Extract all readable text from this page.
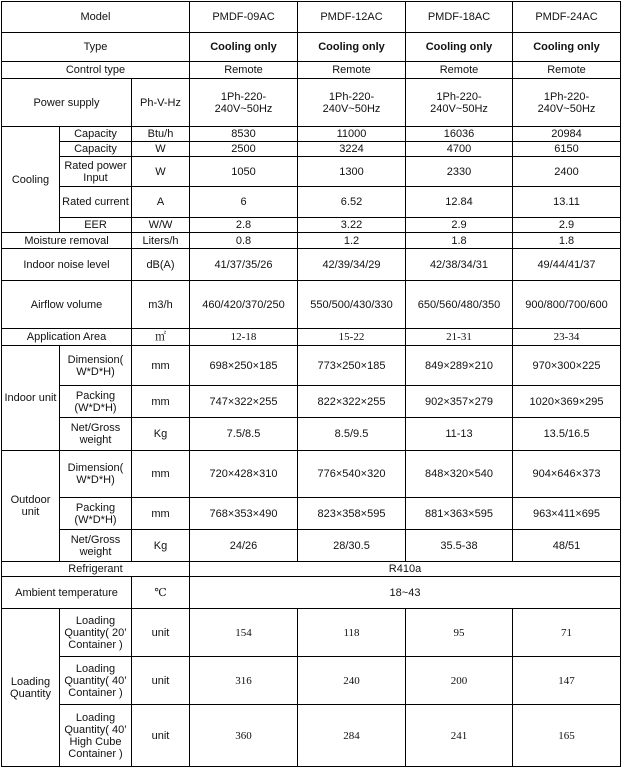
Model			PMDF-09AC	PMDF-12AC	PMDF-18AC	PMDF-24AC
Type			Cooling only	Cooling only	Cooling only	Cooling only
Control type			Remote	Remote	Remote	Remote
Power supply		Ph-V-Hz	1Ph-220-240V~50Hz	1Ph-220-240V~50Hz	1Ph-220-240V~50Hz	1Ph-220-240V~50Hz
Cooling	Capacity	Btu/h	8530	11000	16036	20984
	Capacity	W	2500	3224	4700	6150
	Rated power Input	W	1050	1300	2330	2400
	Rated current	A	6	6.52	12.84	13.11
	EER	W/W	2.8	3.22	2.9	2.9
Moisture removal		Liters/h	0.8	1.2	1.8	1.8
Indoor noise level		dB(A)	41/37/35/26	42/39/34/29	42/38/34/31	49/44/41/37
Airflow volume		m3/h	460/420/370/250	550/500/430/330	650/560/480/350	900/800/700/600
Application Area		㎡	12-18	15-22	21-31	23-34
Indoor unit	Dimension( W*D*H)	mm	698×250×185	773×250×185	849×289×210	970×300×225
	Packing (W*D*H)	mm	747×322×255	822×322×255	902×357×279	1020×369×295
	Net/Gross weight	Kg	7.5/8.5	8.5/9.5	11-13	13.5/16.5
Outdoor unit	Dimension( W*D*H)	mm	720×428×310	776×540×320	848×320×540	904×646×373
	Packing (W*D*H)	mm	768×353×490	823×358×595	881×363×595	963×411×695
	Net/Gross weight	Kg	24/26	28/30.5	35.5-38	48/51
Refrigerant			R410a			
Ambient temperature		℃	18~43			
Loading Quantity	Loading Quantity( 20’ Container )	unit	154	118	95	71
	Loading Quantity( 40’ Container )	unit	316	240	200	147
	Loading Quantity( 40’ High Cube Container )	unit	360	284	241	165
